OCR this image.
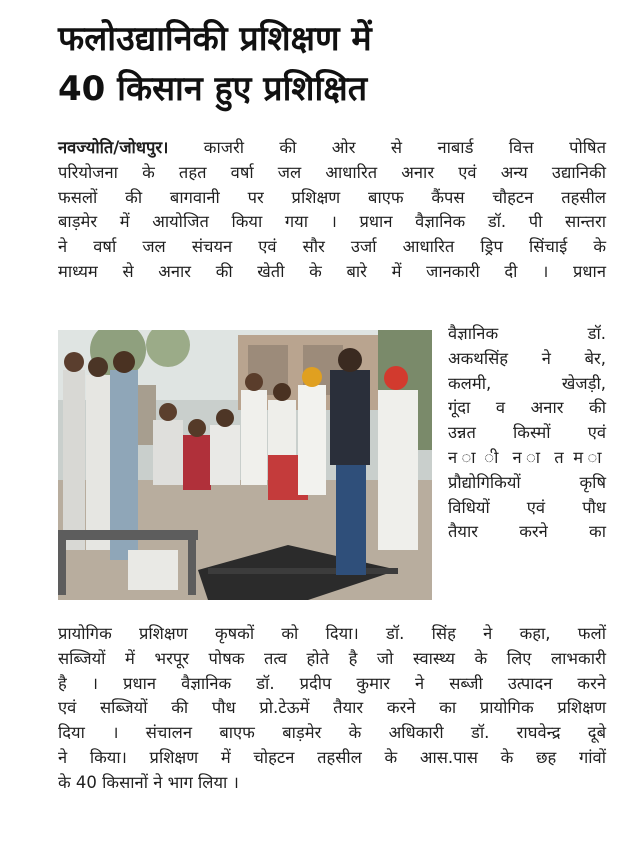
फलोउद्यानिकी प्रशिक्षण में
40 किसान हुए प्रशिक्षित
नवज्योति/जोधपुर। काजरी की ओर से नाबार्ड वित्त पोषित
परियोजना के तहत वर्षा जल आधारित अनार एवं अन्य उद्यानिकी
फसलों की बागवानी पर प्रशिक्षण बाएफ कैंपस चौहटन तहसील
बाड़मेर में आयोजित किया गया । प्रधान वैज्ञानिक डॉ. पी सान्तरा
ने वर्षा जल संचयन एवं सौर उर्जा आधारित ड्रिप सिंचाई के
माध्यम से अनार की खेती के बारे में जानकारी दी । प्रधान
वैज्ञानिक डॉ.
अकथसिंह ने बेर,
कलमी, खेजड़ी,
गूंदा व अनार की
उन्नत किस्मों एवं
न ा ी न ा त म ा
प्रौद्योगिकियों कृषि
विधियों एवं पौध
तैयार करने का
प्रायोगिक प्रशिक्षण कृषकों को दिया। डॉ. सिंह ने कहा, फलों
सब्जियों में भरपूर पोषक तत्व होते है जो स्वास्थ्य के लिए लाभकारी
है । प्रधान वैज्ञानिक डॉ. प्रदीप कुमार ने सब्जी उत्पादन करने
एवं सब्जियों की पौध प्रो.टेऊमें तैयार करने का प्रायोगिक प्रशिक्षण
दिया । संचालन बाएफ बाड़मेर के अधिकारी डॉ. राघवेन्द्र दूबे
ने किया। प्रशिक्षण में चोहटन तहसील के आस.पास के छह गांवों
के 40 किसानों ने भाग लिया ।
